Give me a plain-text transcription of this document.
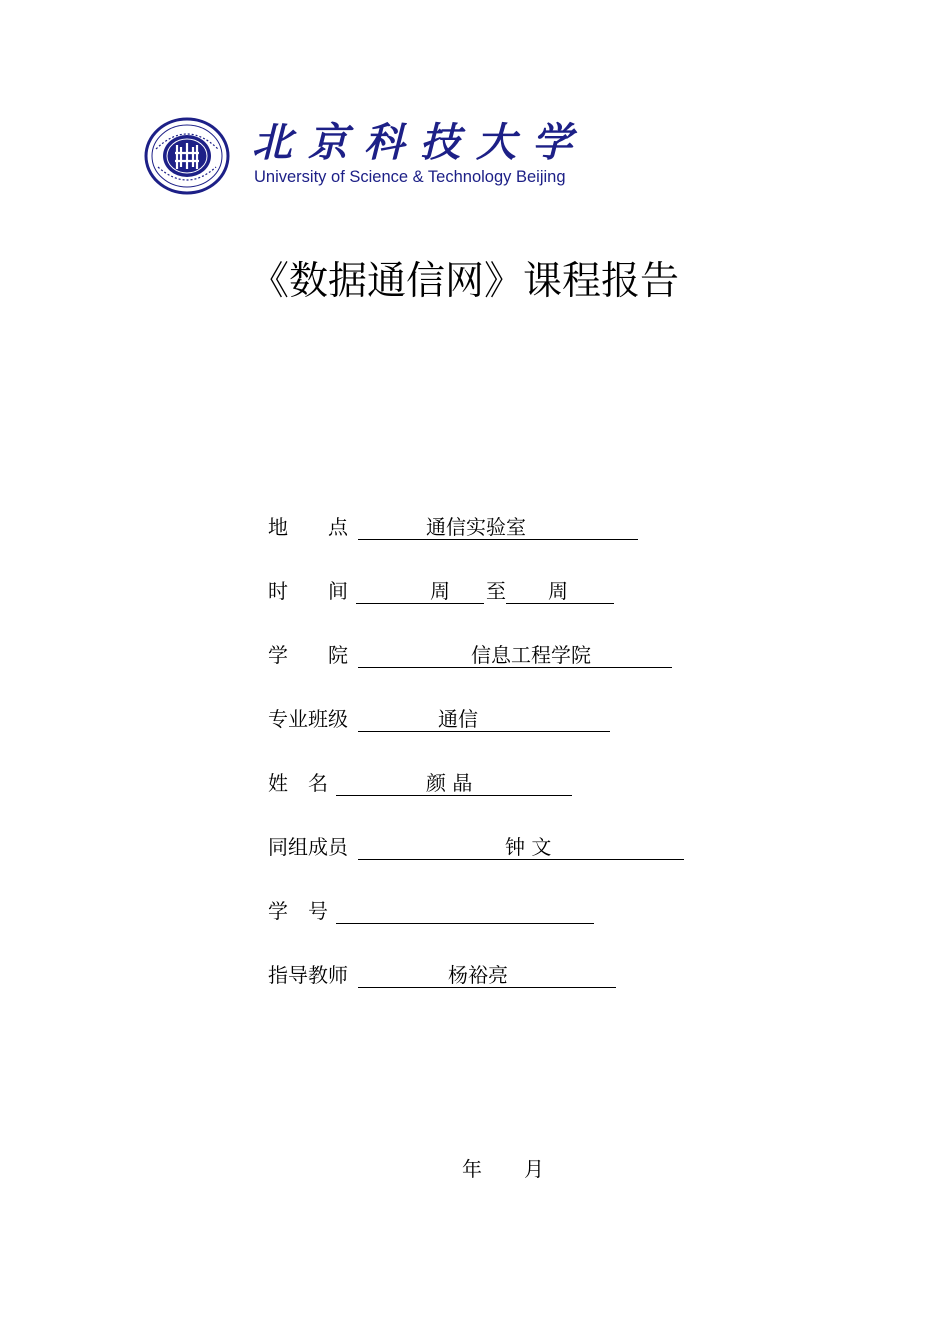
北京科技大学
University of Science & Technology Beijing
《数据通信网》课程报告
地　　点	通信实验室
时　　间	周 至 周
学　　院	信息工程学院
专业班级	通信
姓　名	颜 晶
同组成员	钟 文
学　号
指导教师	杨裕亮
年 月
